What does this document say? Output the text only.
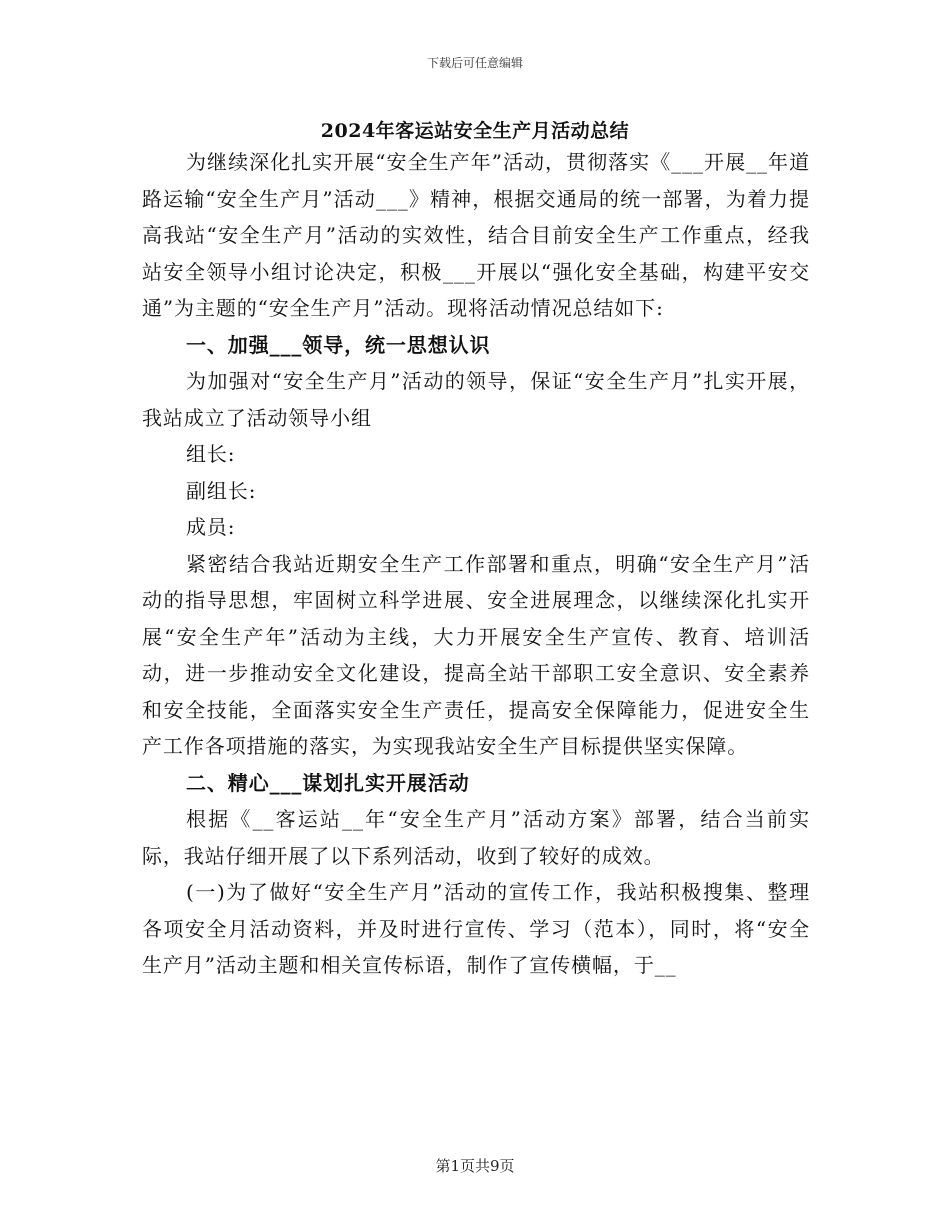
下载后可任意编辑
2024年客运站安全生产月活动总结

为继续深化扎实开展“安全生产年”活动，贯彻落实《___开展__年道路运输“安全生产月”活动___》精神，根据交通局的统一部署，为着力提高我站“安全生产月”活动的实效性，结合目前安全生产工作重点，经我站安全领导小组讨论决定，积极___开展以“强化安全基础，构建平安交通”为主题的“安全生产月”活动。现将活动情况总结如下:

一、加强___领导，统一思想认识

为加强对“安全生产月”活动的领导，保证“安全生产月”扎实开展，我站成立了活动领导小组

组长:

副组长:

成员:

紧密结合我站近期安全生产工作部署和重点，明确“安全生产月”活动的指导思想，牢固树立科学进展、安全进展理念，以继续深化扎实开展“安全生产年”活动为主线，大力开展安全生产宣传、教育、培训活动，进一步推动安全文化建设，提高全站干部职工安全意识、安全素养和安全技能，全面落实安全生产责任，提高安全保障能力，促进安全生产工作各项措施的落实，为实现我站安全生产目标提供坚实保障。

二、精心___谋划扎实开展活动

根据《__客运站__年“安全生产月”活动方案》部署，结合当前实际，我站仔细开展了以下系列活动，收到了较好的成效。

(一)为了做好“安全生产月”活动的宣传工作，我站积极搜集、整理各项安全月活动资料，并及时进行宣传、学习（范本），同时，将“安全生产月”活动主题和相关宣传标语，制作了宣传横幅，于__

第1页共9页
